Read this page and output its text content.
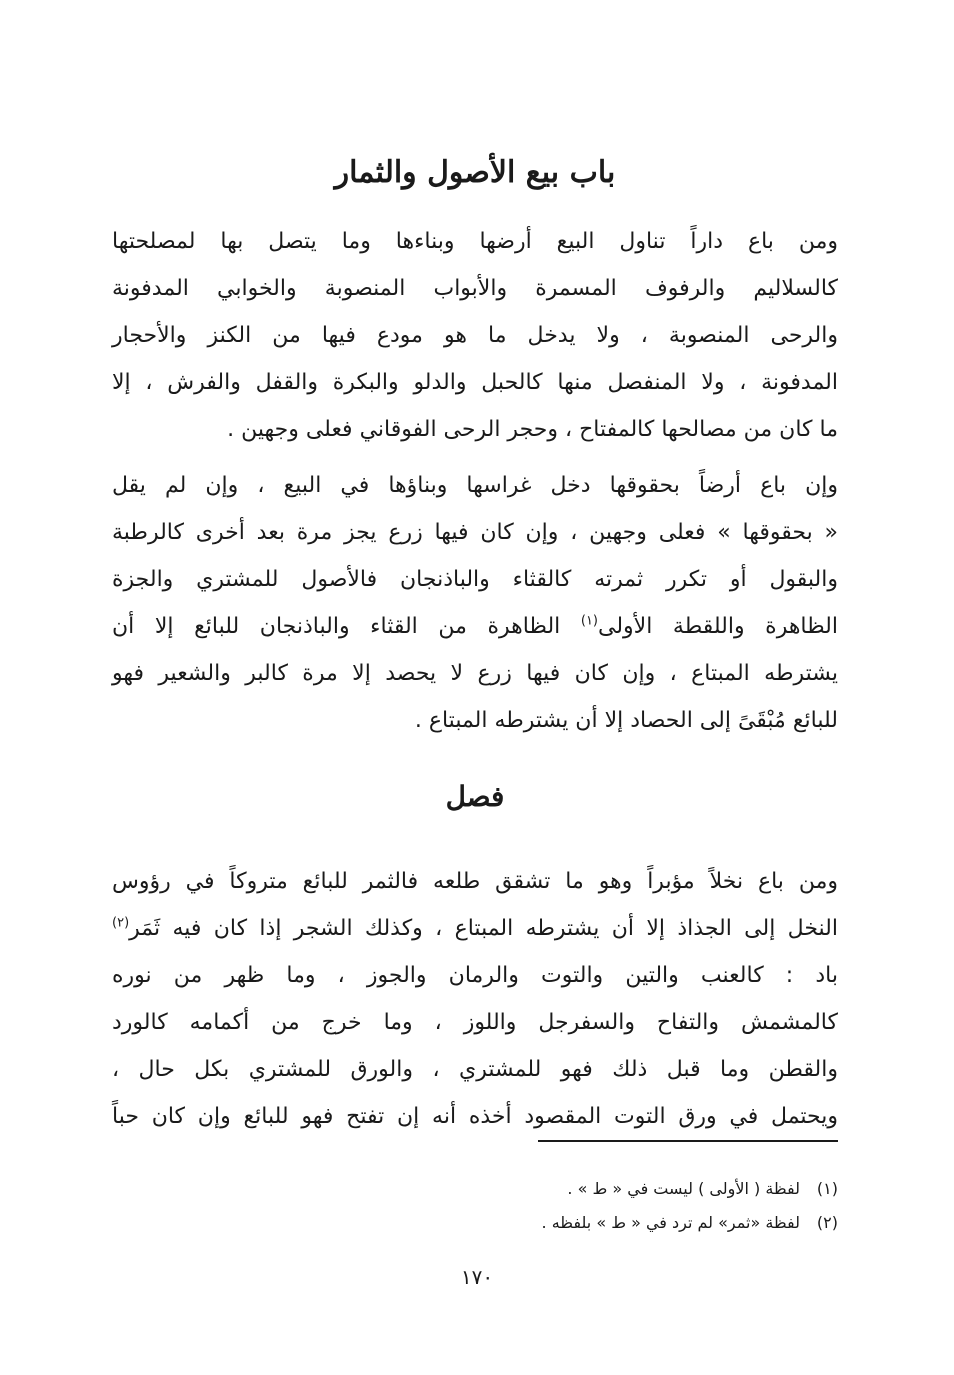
باب بيع الأصول والثمار

ومن باع داراً تناول البيع أرضها وبناءها وما يتصل بها لمصلحتها
كالسلاليم والرفوف المسمرة والأبواب المنصوبة والخوابي المدفونة
والرحى المنصوبة ، ولا يدخل ما هو مودع فيها من الكنز والأحجار
المدفونة ، ولا المنفصل منها كالحبل والدلو والبكرة والقفل والفرش ، إلا
ما كان من مصالحها كالمفتاح ، وحجر الرحى الفوقاني فعلى وجهين .

وإن باع أرضاً بحقوقها دخل غراسها وبناؤها في البيع ، وإن لم يقل
« بحقوقها » فعلى وجهين ، وإن كان فيها زرع يجز مرة بعد أخرى كالرطبة
والبقول أو تكرر ثمرته كالقثاء والباذنجان فالأصول للمشتري والجزة
الظاهرة واللقطة الأولى$^{(١)}$ الظاهرة من القثاء والباذنجان للبائع إلا أن
يشترطه المبتاع ، وإن كان فيها زرع لا يحصد إلا مرة كالبر والشعير فهو
للبائع مُبْقَىً إلى الحصاد إلا أن يشترطه المبتاع .

فصل

ومن باع نخلاً مؤبراً وهو ما تشقق طلعه فالثمر للبائع متروكاً في رؤوس
النخل إلى الجذاذ إلا أن يشترطه المبتاع ، وكذلك الشجر إذا كان فيه ثَمَر$^{(٢)}$
باد : كالعنب والتين والتوت والرمان والجوز ، وما ظهر من نوره
كالمشمش والتفاح والسفرجل واللوز ، وما خرج من أكمامه كالورد
والقطن وما قبل ذلك فهو للمشتري ، والورق للمشتري بكل حال ،
ويحتمل في ورق التوت المقصود أخذه أنه إن تفتح فهو للبائع وإن كان حباً

(١)لفظة ( الأولى ) ليست في « ط » .
(٢)لفظة «ثمر» لم ترد في « ط » بلفظه .
١٧٠
